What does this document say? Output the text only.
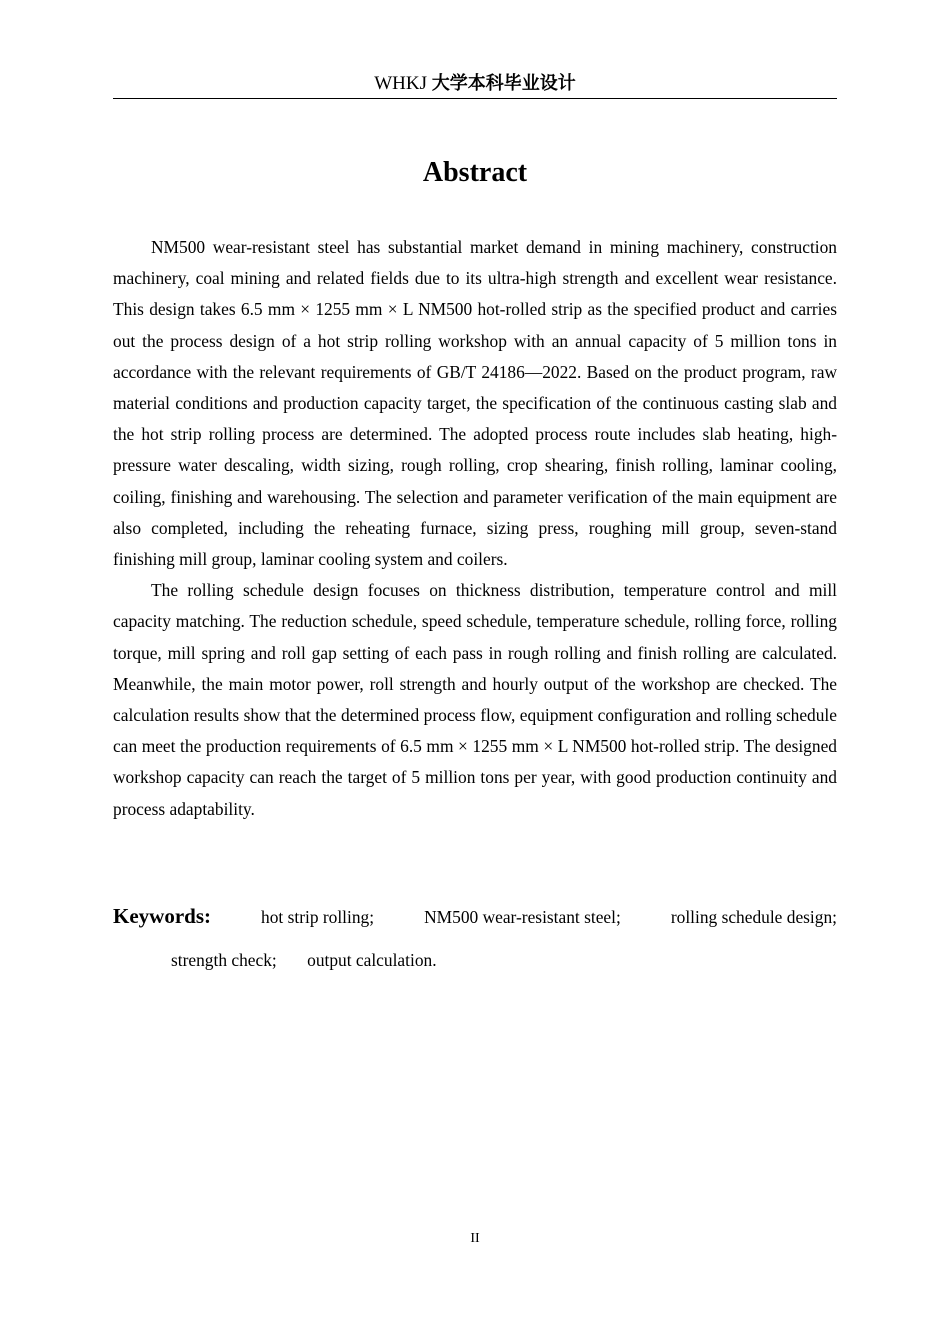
WHKJ 大学本科毕业设计
Abstract

NM500 wear-resistant steel has substantial market demand in mining machinery, construction machinery, coal mining and related fields due to its ultra-high strength and excellent wear resistance. This design takes 6.5 mm × 1255 mm × L NM500 hot-rolled strip as the specified product and carries out the process design of a hot strip rolling workshop with an annual capacity of 5 million tons in accordance with the relevant requirements of GB/T 24186—2022. Based on the product program, raw material conditions and production capacity target, the specification of the continuous casting slab and the hot strip rolling process are determined. The adopted process route includes slab heating, high-pressure water descaling, width sizing, rough rolling, crop shearing, finish rolling, laminar cooling, coiling, finishing and warehousing. The selection and parameter verification of the main equipment are also completed, including the reheating furnace, sizing press, roughing mill group, seven-stand finishing mill group, laminar cooling system and coilers.

The rolling schedule design focuses on thickness distribution, temperature control and mill capacity matching. The reduction schedule, speed schedule, temperature schedule, rolling force, rolling torque, mill spring and roll gap setting of each pass in rough rolling and finish rolling are calculated. Meanwhile, the main motor power, roll strength and hourly output of the workshop are checked. The calculation results show that the determined process flow, equipment configuration and rolling schedule can meet the production requirements of 6.5 mm × 1255 mm × L NM500 hot-rolled strip. The designed workshop capacity can reach the target of 5 million tons per year, with good production continuity and process adaptability.

Keywords:	hot strip rolling;	NM500 wear-resistant steel;	rolling schedule design;
strength check; output calculation.
II
